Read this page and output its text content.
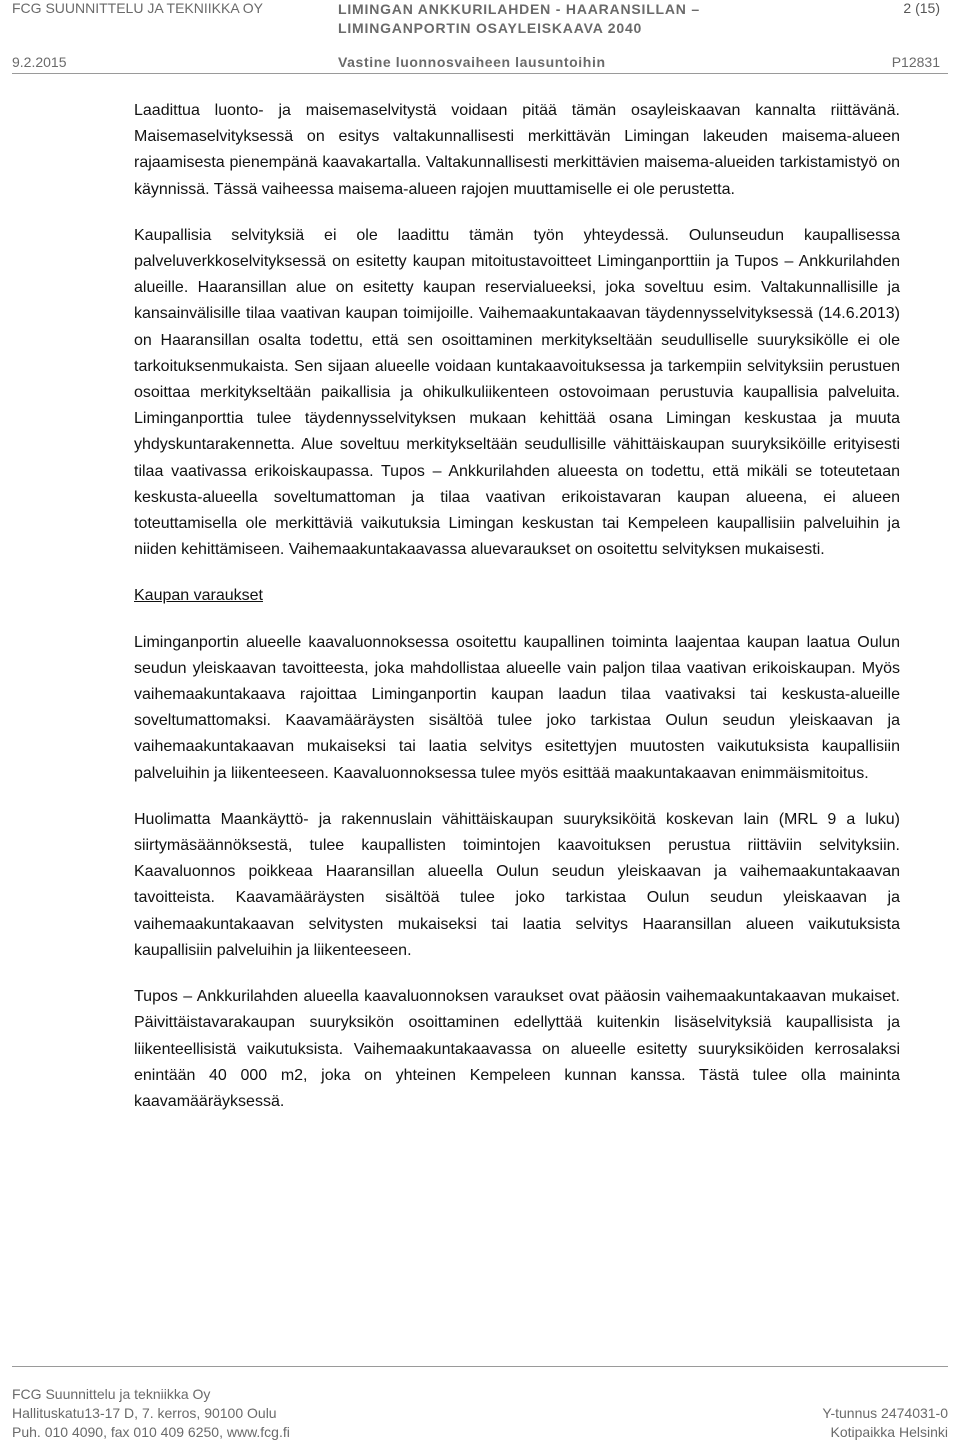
FCG SUUNNITTELU JA TEKNIIKKA OY	LIMINGAN ANKKURILAHDEN - HAARANSILLAN –
LIMINGANPORTIN OSAYLEISKAAVA 2040
2 (15)
9.2.2015	Vastine luonnosvaiheen lausuntoihin	P12831

Laadittua luonto- ja maisemaselvitystä voidaan pitää tämän osayleiskaavan kannalta riittävänä. Maisemaselvityksessä on esitys valtakunnallisesti merkittävän Limingan lakeuden maisema-alueen rajaamisesta pienempänä kaavakartalla. Valtakunnallisesti merkittävien maisema-alueiden tarkistamistyö on käynnissä. Tässä vaiheessa maisema-alueen rajojen muuttamiselle ei ole perustetta.

Kaupallisia selvityksiä ei ole laadittu tämän työn yhteydessä. Oulunseudun kaupallisessa palveluverkkoselvityksessä on esitetty kaupan mitoitustavoitteet Liminganporttiin ja Tupos – Ankkurilahden alueille. Haaransillan alue on esitetty kaupan reservialueeksi, joka soveltuu esim. Valtakunnallisille ja kansainvälisille tilaa vaativan kaupan toimijoille. Vaihemaakuntakaavan täydennysselvityksessä (14.6.2013) on Haaransillan osalta todettu, että sen osoittaminen merkitykseltään seudulliselle suuryksikölle ei ole tarkoituksenmukaista. Sen sijaan alueelle voidaan kuntakaavoituksessa ja tarkempiin selvityksiin perustuen osoittaa merkitykseltään paikallisia ja ohikulkuliikenteen ostovoimaan perustuvia kaupallisia palveluita. Liminganporttia tulee täydennysselvityksen mukaan kehittää osana Limingan keskustaa ja muuta yhdyskuntarakennetta. Alue soveltuu merkitykseltään seudullisille vähittäiskaupan suuryksiköille erityisesti tilaa vaativassa erikoiskaupassa. Tupos – Ankkurilahden alueesta on todettu, että mikäli se toteutetaan keskusta-alueella soveltumattoman ja tilaa vaativan erikoistavaran kaupan alueena, ei alueen toteuttamisella ole merkittäviä vaikutuksia Limingan keskustan tai Kempeleen kaupallisiin palveluihin ja niiden kehittämiseen. Vaihemaakuntakaavassa aluevaraukset on osoitettu selvityksen mukaisesti.

Kaupan varaukset

Liminganportin alueelle kaavaluonnoksessa osoitettu kaupallinen toiminta laajentaa kaupan laatua Oulun seudun yleiskaavan tavoitteesta, joka mahdollistaa alueelle vain paljon tilaa vaativan erikoiskaupan. Myös vaihemaakuntakaava rajoittaa Liminganportin kaupan laadun tilaa vaativaksi tai keskusta-alueille soveltumattomaksi. Kaavamääräysten sisältöä tulee joko tarkistaa Oulun seudun yleiskaavan ja vaihemaakuntakaavan mukaiseksi tai laatia selvitys esitettyjen muutosten vaikutuksista kaupallisiin palveluihin ja liikenteeseen. Kaavaluonnoksessa tulee myös esittää maakuntakaavan enimmäismitoitus.

Huolimatta Maankäyttö- ja rakennuslain vähittäiskaupan suuryksiköitä koskevan lain (MRL 9 a luku) siirtymäsäännöksestä, tulee kaupallisten toimintojen kaavoituksen perustua riittäviin selvityksiin. Kaavaluonnos poikkeaa Haaransillan alueella Oulun seudun yleiskaavan ja vaihemaakuntakaavan tavoitteista. Kaavamääräysten sisältöä tulee joko tarkistaa Oulun seudun yleiskaavan ja vaihemaakuntakaavan selvitysten mukaiseksi tai laatia selvitys Haaransillan alueen vaikutuksista kaupallisiin palveluihin ja liikenteeseen.

Tupos – Ankkurilahden alueella kaavaluonnoksen varaukset ovat pääosin vaihemaakuntakaavan mukaiset. Päivittäistavarakaupan suuryksikön osoittaminen edellyttää kuitenkin lisäselvityksiä kaupallisista ja liikenteellisistä vaikutuksista. Vaihemaakuntakaavassa on alueelle esitetty suuryksiköiden kerrosalaksi enintään 40 000 m2, joka on yhteinen Kempeleen kunnan kanssa. Tästä tulee olla maininta kaavamääräyksessä.

FCG Suunnittelu ja tekniikka Oy
Hallituskatu13-17 D, 7. kerros, 90100 Oulu
Puh. 010 4090, fax 010 409 6250, www.fcg.fi
Y-tunnus 2474031-0
Kotipaikka Helsinki
